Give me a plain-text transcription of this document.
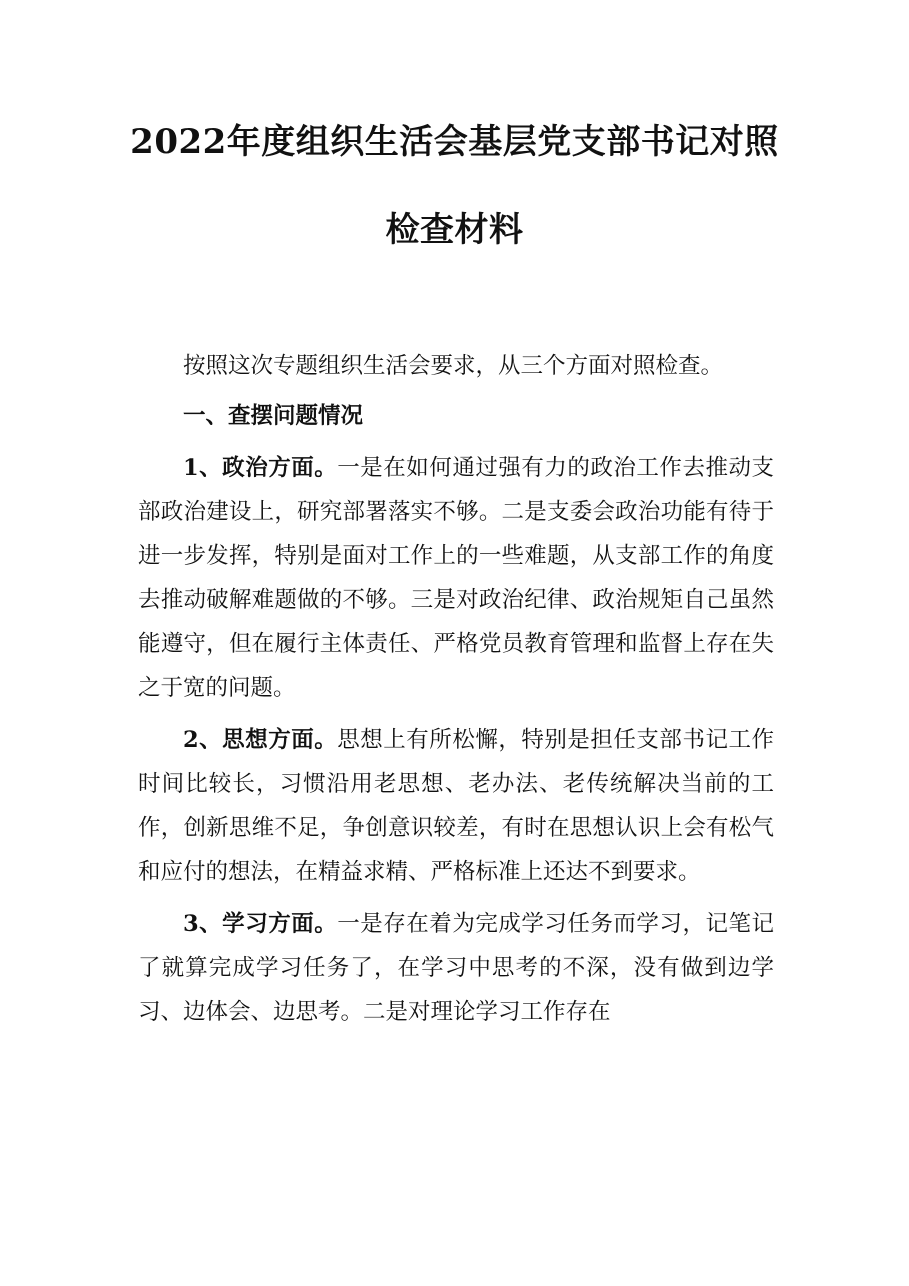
2022年度组织生活会基层党支部书记对照
检查材料

按照这次专题组织生活会要求，从三个方面对照检查。

一、查摆问题情况

1、政治方面。一是在如何通过强有力的政治工作去推动支部政治建设上，研究部署落实不够。二是支委会政治功能有待于进一步发挥，特别是面对工作上的一些难题，从支部工作的角度去推动破解难题做的不够。三是对政治纪律、政治规矩自己虽然能遵守，但在履行主体责任、严格党员教育管理和监督上存在失之于宽的问题。

2、思想方面。思想上有所松懈，特别是担任支部书记工作时间比较长，习惯沿用老思想、老办法、老传统解决当前的工作，创新思维不足，争创意识较差，有时在思想认识上会有松气和应付的想法，在精益求精、严格标准上还达不到要求。

3、学习方面。一是存在着为完成学习任务而学习，记笔记了就算完成学习任务了，在学习中思考的不深，没有做到边学习、边体会、边思考。二是对理论学习工作存在
